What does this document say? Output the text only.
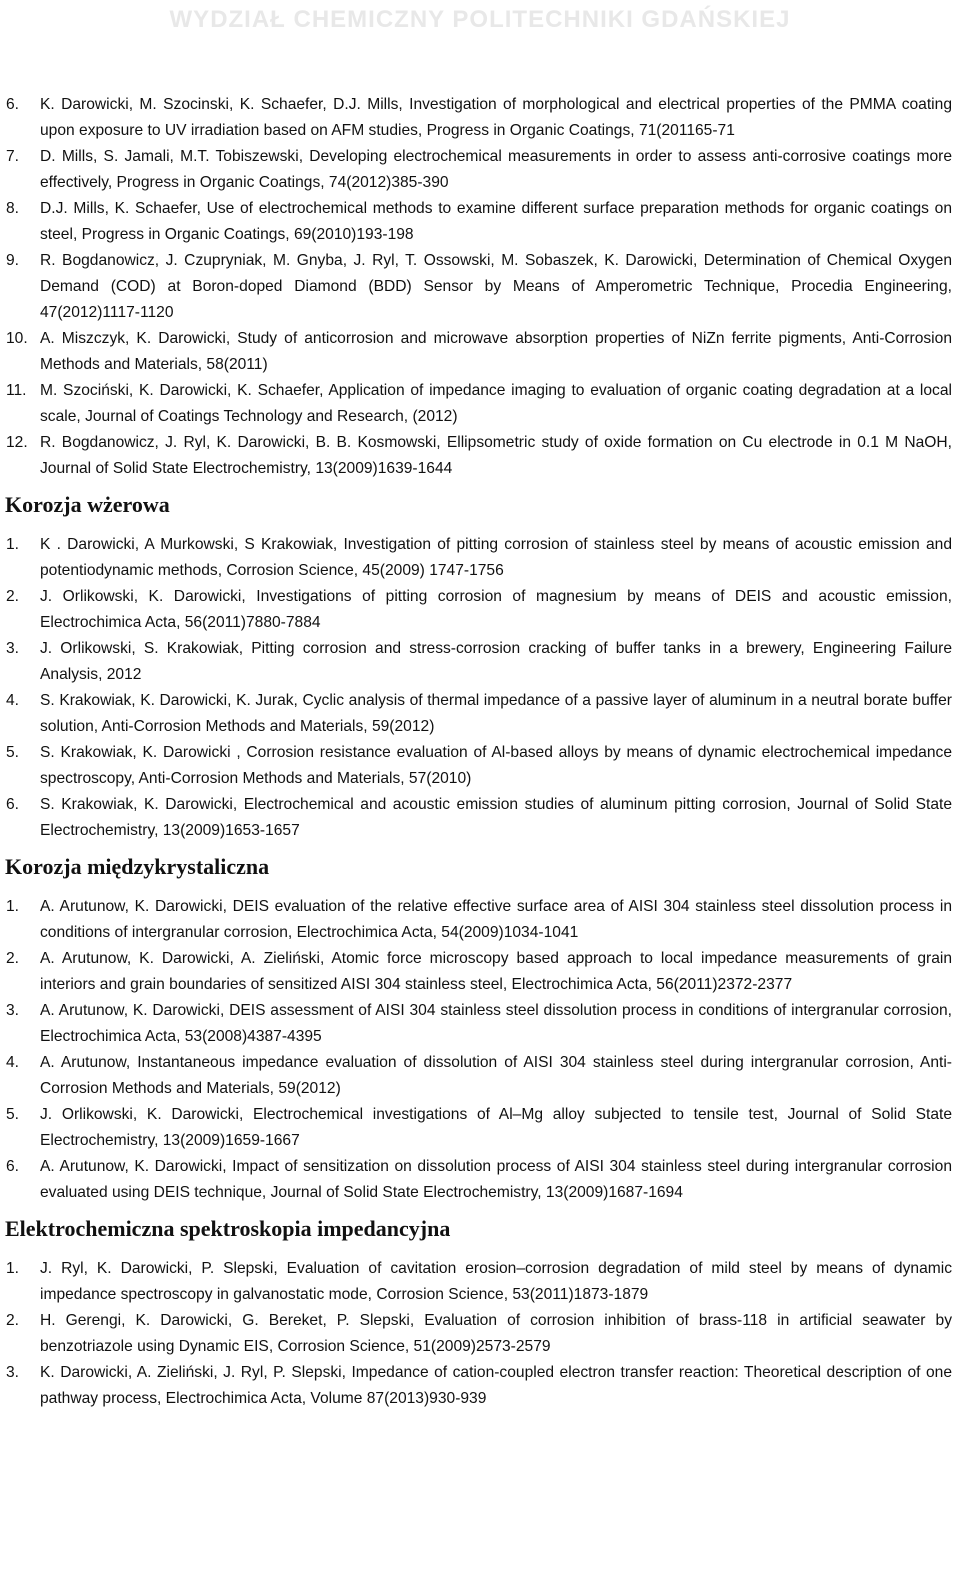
WYDZIAŁ CHEMICZNY POLITECHNIKI GDAŃSKIEJ
6.	K. Darowicki, M. Szocinski, K. Schaefer, D.J. Mills, Investigation of morphological and electrical properties of the PMMA coating upon exposure to UV irradiation based on AFM studies, Progress in Organic Coatings, 71(201165-71
7.	D. Mills, S. Jamali, M.T. Tobiszewski, Developing electrochemical measurements in order to assess anti-corrosive coatings more effectively, Progress in Organic Coatings, 74(2012)385-390
8.	D.J. Mills, K. Schaefer, Use of electrochemical methods to examine different surface preparation methods for organic coatings on steel, Progress in Organic Coatings, 69(2010)193-198
9.	R. Bogdanowicz, J. Czupryniak, M. Gnyba, J. Ryl, T. Ossowski, M. Sobaszek, K. Darowicki, Determination of Chemical Oxygen Demand (COD) at Boron-doped Diamond (BDD) Sensor by Means of Amperometric Technique, Procedia Engineering, 47(2012)1117-1120
10. A. Miszczyk, K. Darowicki, Study of anticorrosion and microwave absorption properties of NiZn ferrite pigments, Anti-Corrosion Methods and Materials, 58(2011)
11. M. Szociński, K. Darowicki, K. Schaefer, Application of impedance imaging to evaluation of organic coating degradation at a local scale, Journal of Coatings Technology and Research, (2012)
12. R. Bogdanowicz, J. Ryl, K. Darowicki, B. B. Kosmowski, Ellipsometric study of oxide formation on Cu electrode in 0.1 M NaOH, Journal of Solid State Electrochemistry, 13(2009)1639-1644
Korozja wżerowa
1.	K . Darowicki, A Murkowski, S Krakowiak, Investigation of pitting corrosion of stainless steel by means of acoustic emission and potentiodynamic methods, Corrosion Science, 45(2009) 1747-1756
2.	J. Orlikowski, K. Darowicki, Investigations of pitting corrosion of magnesium by means of DEIS and acoustic emission, Electrochimica Acta, 56(2011)7880-7884
3.	J. Orlikowski, S. Krakowiak, Pitting corrosion and stress-corrosion cracking of buffer tanks in a brewery, Engineering Failure Analysis, 2012
4.	S. Krakowiak, K. Darowicki, K. Jurak, Cyclic analysis of thermal impedance of a passive layer of aluminum in a neutral borate buffer solution, Anti-Corrosion Methods and Materials, 59(2012)
5.	S. Krakowiak, K. Darowicki , Corrosion resistance evaluation of Al-based alloys by means of dynamic electrochemical impedance spectroscopy, Anti-Corrosion Methods and Materials, 57(2010)
6.	S. Krakowiak, K. Darowicki, Electrochemical and acoustic emission studies of aluminum pitting corrosion, Journal of Solid State Electrochemistry, 13(2009)1653-1657
Korozja międzykrystaliczna
1.	A. Arutunow, K. Darowicki, DEIS evaluation of the relative effective surface area of AISI 304 stainless steel dissolution process in conditions of intergranular corrosion, Electrochimica Acta, 54(2009)1034-1041
2.	A. Arutunow, K. Darowicki, A. Zieliński, Atomic force microscopy based approach to local impedance measurements of grain interiors and grain boundaries of sensitized AISI 304 stainless steel, Electrochimica Acta, 56(2011)2372-2377
3.	A. Arutunow, K. Darowicki, DEIS assessment of AISI 304 stainless steel dissolution process in conditions of intergranular corrosion, Electrochimica Acta, 53(2008)4387-4395
4.	A. Arutunow, Instantaneous impedance evaluation of dissolution of AISI 304 stainless steel during intergranular corrosion, Anti-Corrosion Methods and Materials, 59(2012)
5.	J. Orlikowski, K. Darowicki, Electrochemical investigations of Al–Mg alloy subjected to tensile test, Journal of Solid State Electrochemistry, 13(2009)1659-1667
6.	A. Arutunow, K. Darowicki, Impact of sensitization on dissolution process of AISI 304 stainless steel during intergranular corrosion evaluated using DEIS technique, Journal of Solid State Electrochemistry, 13(2009)1687-1694
Elektrochemiczna spektroskopia impedancyjna
1.	J. Ryl, K. Darowicki, P. Slepski, Evaluation of cavitation erosion–corrosion degradation of mild steel by means of dynamic impedance spectroscopy in galvanostatic mode, Corrosion Science, 53(2011)1873-1879
2.	H. Gerengi, K. Darowicki, G. Bereket, P. Slepski, Evaluation of corrosion inhibition of brass-118 in artificial seawater by benzotriazole using Dynamic EIS, Corrosion Science, 51(2009)2573-2579
3.	K. Darowicki, A. Zieliński, J. Ryl, P. Slepski, Impedance of cation-coupled electron transfer reaction: Theoretical description of one pathway process, Electrochimica Acta, Volume 87(2013)930-939
